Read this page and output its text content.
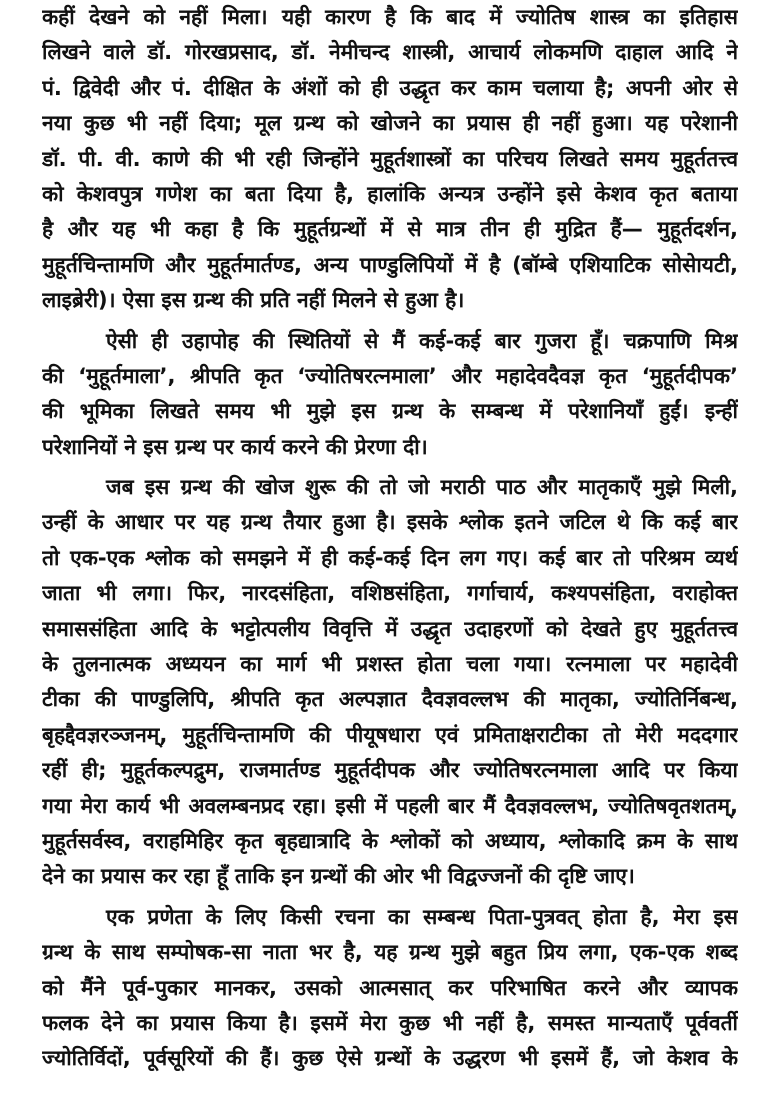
कहीं देखने को नहीं मिला। यही कारण है कि बाद में ज्योतिष शास्त्र का इतिहास
लिखने वाले डॉ. गोरखप्रसाद, डॉ. नेमीचन्द शास्त्री, आचार्य लोकमणि दाहाल आदि ने
पं. द्विवेदी और पं. दीक्षित के अंशों को ही उद्धृत कर काम चलाया है; अपनी ओर से
नया कुछ भी नहीं दिया; मूल ग्रन्थ को खोजने का प्रयास ही नहीं हुआ। यह परेशानी
डॉ. पी. वी. काणे की भी रही जिन्होंने मुहूर्तशास्त्रों का परिचय लिखते समय मुहूर्ततत्त्व
को केशवपुत्र गणेश का बता दिया है, हालांकि अन्यत्र उन्होंने इसे केशव कृत बताया
है और यह भी कहा है कि मुहूर्तग्रन्थों में से मात्र तीन ही मुद्रित हैं— मुहूर्तदर्शन,
मुहूर्तचिन्तामणि और मुहूर्तमार्तण्ड, अन्य पाण्डुलिपियों में है (बॉम्बे एशियाटिक सोसेायटी,
लाइब्रेरी)। ऐसा इस ग्रन्थ की प्रति नहीं मिलने से हुआ है।
ऐसी ही उहापोह की स्थितियों से मैं कई-कई बार गुजरा हूँ। चक्रपाणि मिश्र
की ‘मुहूर्तमाला’, श्रीपति कृत ‘ज्योतिषरत्नमाला’ और महादेवदैवज्ञ कृत ‘मुहूर्तदीपक’
की भूमिका लिखते समय भी मुझे इस ग्रन्थ के सम्बन्ध में परेशानियाँ हुईं। इन्हीं
परेशानियों ने इस ग्रन्थ पर कार्य करने की प्रेरणा दी।
जब इस ग्रन्थ की खोज शुरू की तो जो मराठी पाठ और मातृकाएँ मुझे मिली,
उन्हीं के आधार पर यह ग्रन्थ तैयार हुआ है। इसके श्लोक इतने जटिल थे कि कई बार
तो एक-एक श्लोक को समझने में ही कई-कई दिन लग गए। कई बार तो परिश्रम व्यर्थ
जाता भी लगा। फिर, नारदसंहिता, वशिष्ठसंहिता, गर्गाचार्य, कश्यपसंहिता, वराहोक्त
समाससंहिता आदि के भट्टोत्पलीय विवृत्ति में उद्धृत उदाहरणों को देखते हुए मुहूर्ततत्त्व
के तुलनात्मक अध्ययन का मार्ग भी प्रशस्त होता चला गया। रत्नमाला पर महादेवी
टीका की पाण्डुलिपि, श्रीपति कृत अल्पज्ञात दैवज्ञवल्लभ की मातृका, ज्योतिर्निबन्ध,
बृहद्दैवज्ञरञ्जनम्, मुहूर्तचिन्तामणि की पीयूषधारा एवं प्रमिताक्षराटीका तो मेरी मददगार
रहीं ही; मुहूर्तकल्पद्रुम, राजमार्तण्ड मुहूर्तदीपक और ज्योतिषरत्नमाला आदि पर किया
गया मेरा कार्य भी अवलम्बनप्रद रहा। इसी में पहली बार मैं दैवज्ञवल्लभ, ज्योतिषवृतशतम्,
मुहूर्तसर्वस्व, वराहमिहिर कृत बृहद्यात्रादि के श्लोकों को अध्याय, श्लोकादि क्रम के साथ
देने का प्रयास कर रहा हूँ ताकि इन ग्रन्थों की ओर भी विद्वज्जनों की दृष्टि जाए।
एक प्रणेता के लिए किसी रचना का सम्बन्ध पिता-पुत्रवत् होता है, मेरा इस
ग्रन्थ के साथ सम्पोषक-सा नाता भर है, यह ग्रन्थ मुझे बहुत प्रिय लगा, एक-एक शब्द
को मैंने पूर्व-पुकार मानकर, उसको आत्मसात् कर परिभाषित करने और व्यापक
फलक देने का प्रयास किया है। इसमें मेरा कुछ भी नहीं है, समस्त मान्यताएँ पूर्ववर्ती
ज्योतिर्विदों, पूर्वसूरियों की हैं। कुछ ऐसे ग्रन्थों के उद्धरण भी इसमें हैं, जो केशव के
